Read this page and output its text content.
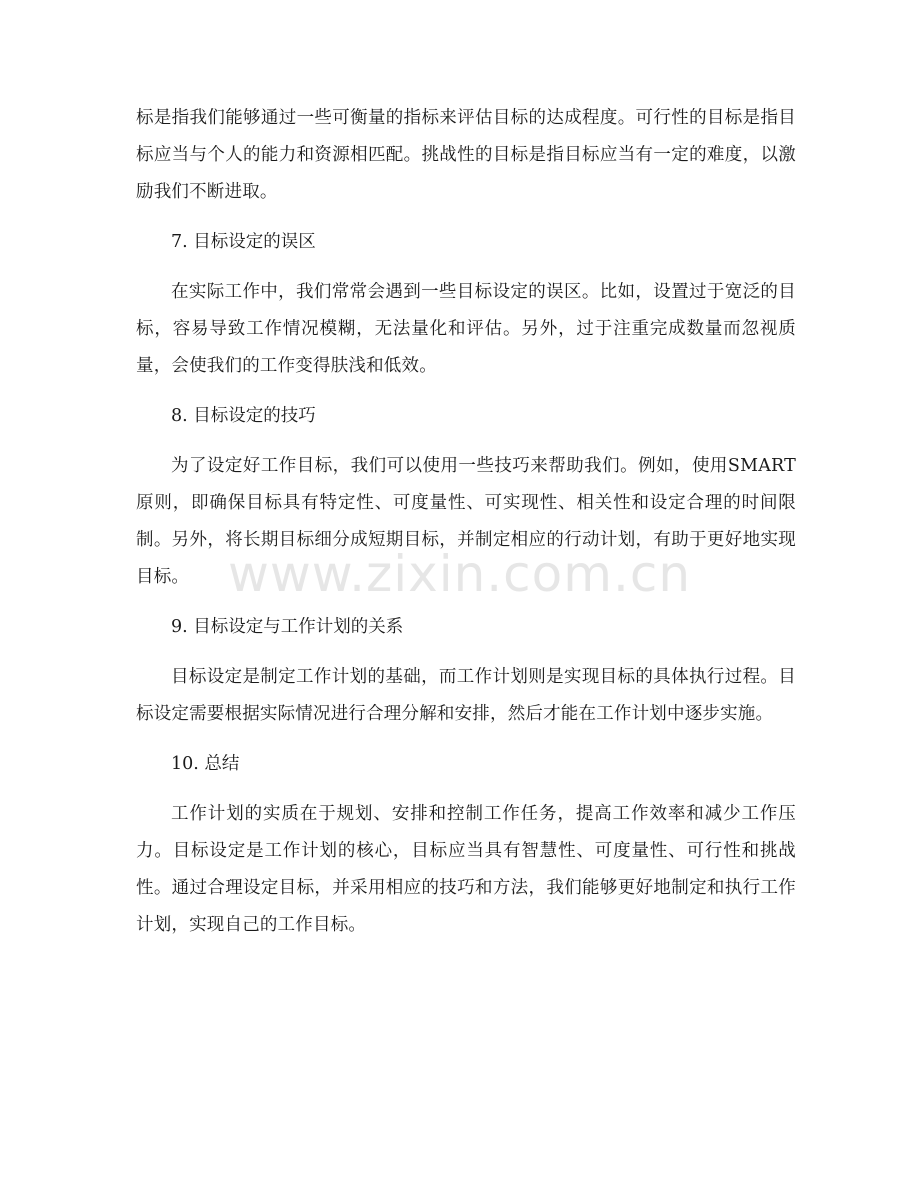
标是指我们能够通过一些可衡量的指标来评估目标的达成程度。可行性的目标是指目标应当与个人的能力和资源相匹配。挑战性的目标是指目标应当有一定的难度，以激励我们不断进取。

7. 目标设定的误区

在实际工作中，我们常常会遇到一些目标设定的误区。比如，设置过于宽泛的目标，容易导致工作情况模糊，无法量化和评估。另外，过于注重完成数量而忽视质量，会使我们的工作变得肤浅和低效。

8. 目标设定的技巧

为了设定好工作目标，我们可以使用一些技巧来帮助我们。例如，使用SMART原则，即确保目标具有特定性、可度量性、可实现性、相关性和设定合理的时间限制。另外，将长期目标细分成短期目标，并制定相应的行动计划，有助于更好地实现目标。

9. 目标设定与工作计划的关系

目标设定是制定工作计划的基础，而工作计划则是实现目标的具体执行过程。目标设定需要根据实际情况进行合理分解和安排，然后才能在工作计划中逐步实施。

10. 总结

工作计划的实质在于规划、安排和控制工作任务，提高工作效率和减少工作压力。目标设定是工作计划的核心，目标应当具有智慧性、可度量性、可行性和挑战性。通过合理设定目标，并采用相应的技巧和方法，我们能够更好地制定和执行工作计划，实现自己的工作目标。

www.zixin.com.cn
